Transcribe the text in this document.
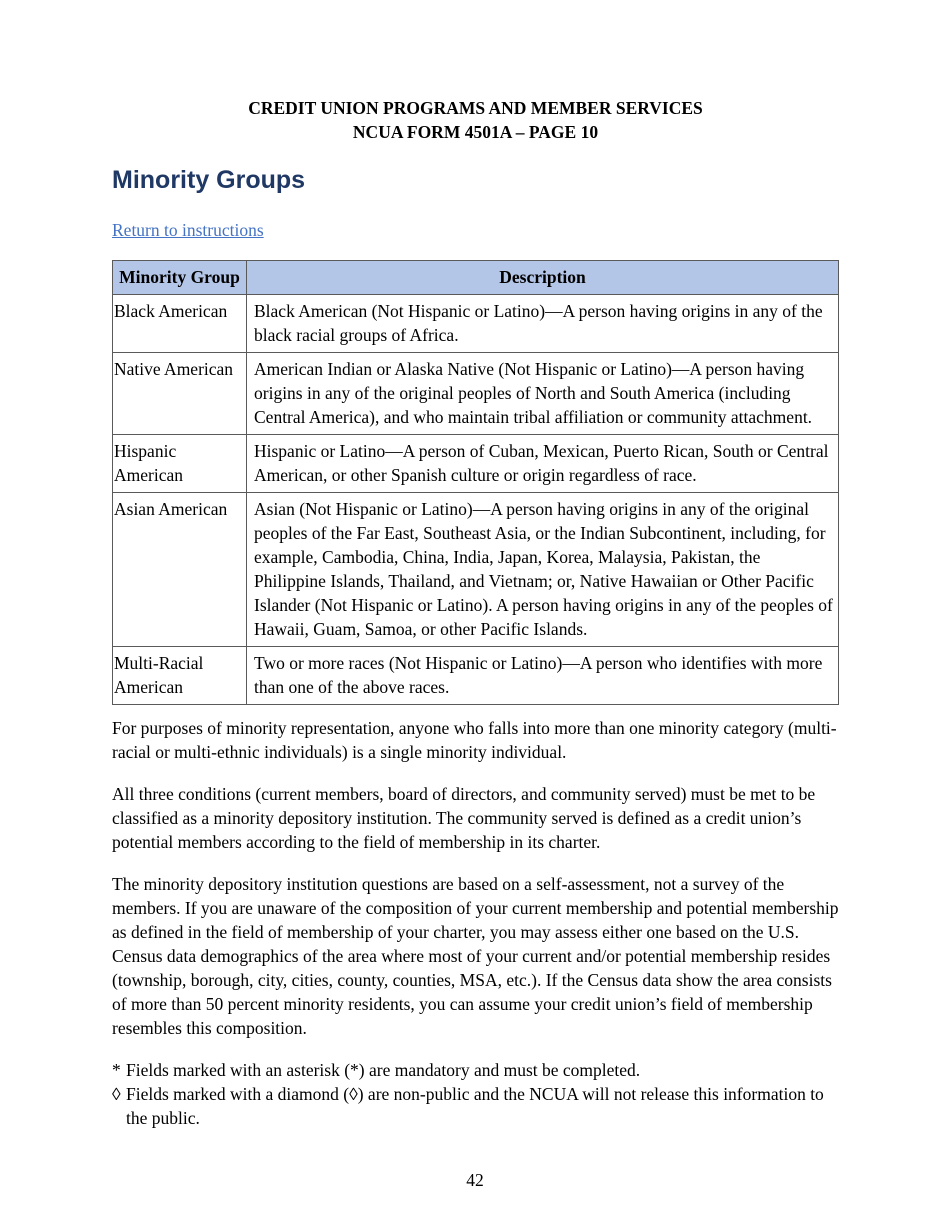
CREDIT UNION PROGRAMS AND MEMBER SERVICES
NCUA FORM 4501A – PAGE 10
Minority Groups
Return to instructions
Minority Group	Description
Black American	Black American (Not Hispanic or Latino)—A person having origins in any of the black racial groups of Africa.
Native American	American Indian or Alaska Native (Not Hispanic or Latino)—A person having origins in any of the original peoples of North and South America (including Central America), and who maintain tribal affiliation or community attachment.
Hispanic American	Hispanic or Latino—A person of Cuban, Mexican, Puerto Rican, South or Central American, or other Spanish culture or origin regardless of race.
Asian American	Asian (Not Hispanic or Latino)—A person having origins in any of the original peoples of the Far East, Southeast Asia, or the Indian Subcontinent, including, for example, Cambodia, China, India, Japan, Korea, Malaysia, Pakistan, the Philippine Islands, Thailand, and Vietnam; or, Native Hawaiian or Other Pacific Islander (Not Hispanic or Latino). A person having origins in any of the peoples of Hawaii, Guam, Samoa, or other Pacific Islands.
Multi-Racial American	Two or more races (Not Hispanic or Latino)—A person who identifies with more than one of the above races.

For purposes of minority representation, anyone who falls into more than one minority category (multi-racial or multi-ethnic individuals) is a single minority individual.

All three conditions (current members, board of directors, and community served) must be met to be classified as a minority depository institution. The community served is defined as a credit union’s potential members according to the field of membership in its charter.

The minority depository institution questions are based on a self-assessment, not a survey of the members. If you are unaware of the composition of your current membership and potential membership as defined in the field of membership of your charter, you may assess either one based on the U.S. Census data demographics of the area where most of your current and/or potential membership resides (township, borough, city, cities, county, counties, MSA, etc.). If the Census data show the area consists of more than 50 percent minority residents, you can assume your credit union’s field of membership resembles this composition.

* Fields marked with an asterisk (*) are mandatory and must be completed.
◊ Fields marked with a diamond (◊) are non-public and the NCUA will not release this information to the public.
42
